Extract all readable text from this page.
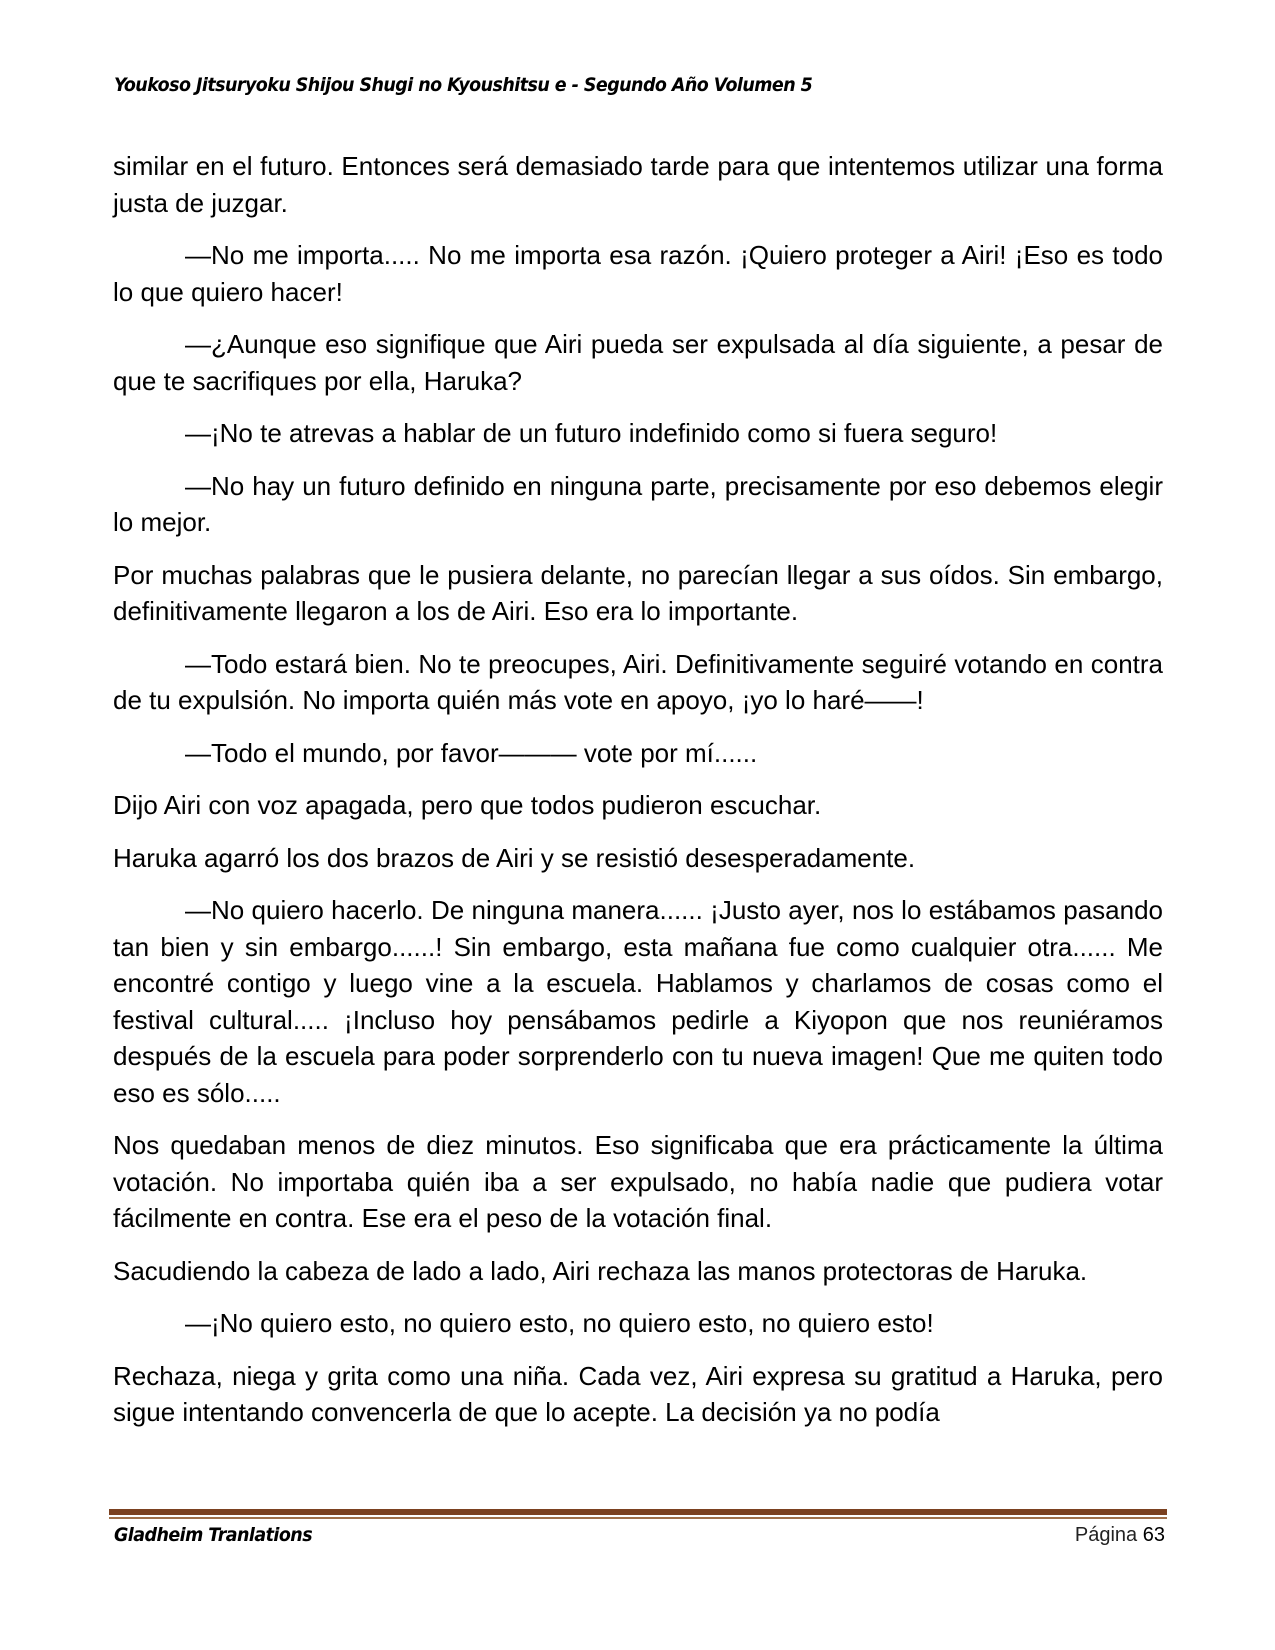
Youkoso Jitsuryoku Shijou Shugi no Kyoushitsu e - Segundo Año Volumen 5

similar en el futuro. Entonces será demasiado tarde para que intentemos utilizar una forma justa de juzgar.

—No me importa..... No me importa esa razón. ¡Quiero proteger a Airi! ¡Eso es todo lo que quiero hacer!

—¿Aunque eso signifique que Airi pueda ser expulsada al día siguiente, a pesar de que te sacrifiques por ella, Haruka?

—¡No te atrevas a hablar de un futuro indefinido como si fuera seguro!

—No hay un futuro definido en ninguna parte, precisamente por eso debemos elegir lo mejor.

Por muchas palabras que le pusiera delante, no parecían llegar a sus oídos. Sin embargo, definitivamente llegaron a los de Airi. Eso era lo importante.

—Todo estará bien. No te preocupes, Airi. Definitivamente seguiré votando en contra de tu expulsión. No importa quién más vote en apoyo, ¡yo lo haré——!

—Todo el mundo, por favor——— vote por mí......

Dijo Airi con voz apagada, pero que todos pudieron escuchar.

Haruka agarró los dos brazos de Airi y se resistió desesperadamente.

—No quiero hacerlo. De ninguna manera...... ¡Justo ayer, nos lo estábamos pasando tan bien y sin embargo......! Sin embargo, esta mañana fue como cualquier otra...... Me encontré contigo y luego vine a la escuela. Hablamos y charlamos de cosas como el festival cultural..... ¡Incluso hoy pensábamos pedirle a Kiyopon que nos reuniéramos después de la escuela para poder sorprenderlo con tu nueva imagen! Que me quiten todo eso es sólo.....

Nos quedaban menos de diez minutos. Eso significaba que era prácticamente la última votación. No importaba quién iba a ser expulsado, no había nadie que pudiera votar fácilmente en contra. Ese era el peso de la votación final.

Sacudiendo la cabeza de lado a lado, Airi rechaza las manos protectoras de Haruka.

—¡No quiero esto, no quiero esto, no quiero esto, no quiero esto!

Rechaza, niega y grita como una niña. Cada vez, Airi expresa su gratitud a Haruka, pero sigue intentando convencerla de que lo acepte. La decisión ya no podía

Gladheim Tranlations	Página 63
